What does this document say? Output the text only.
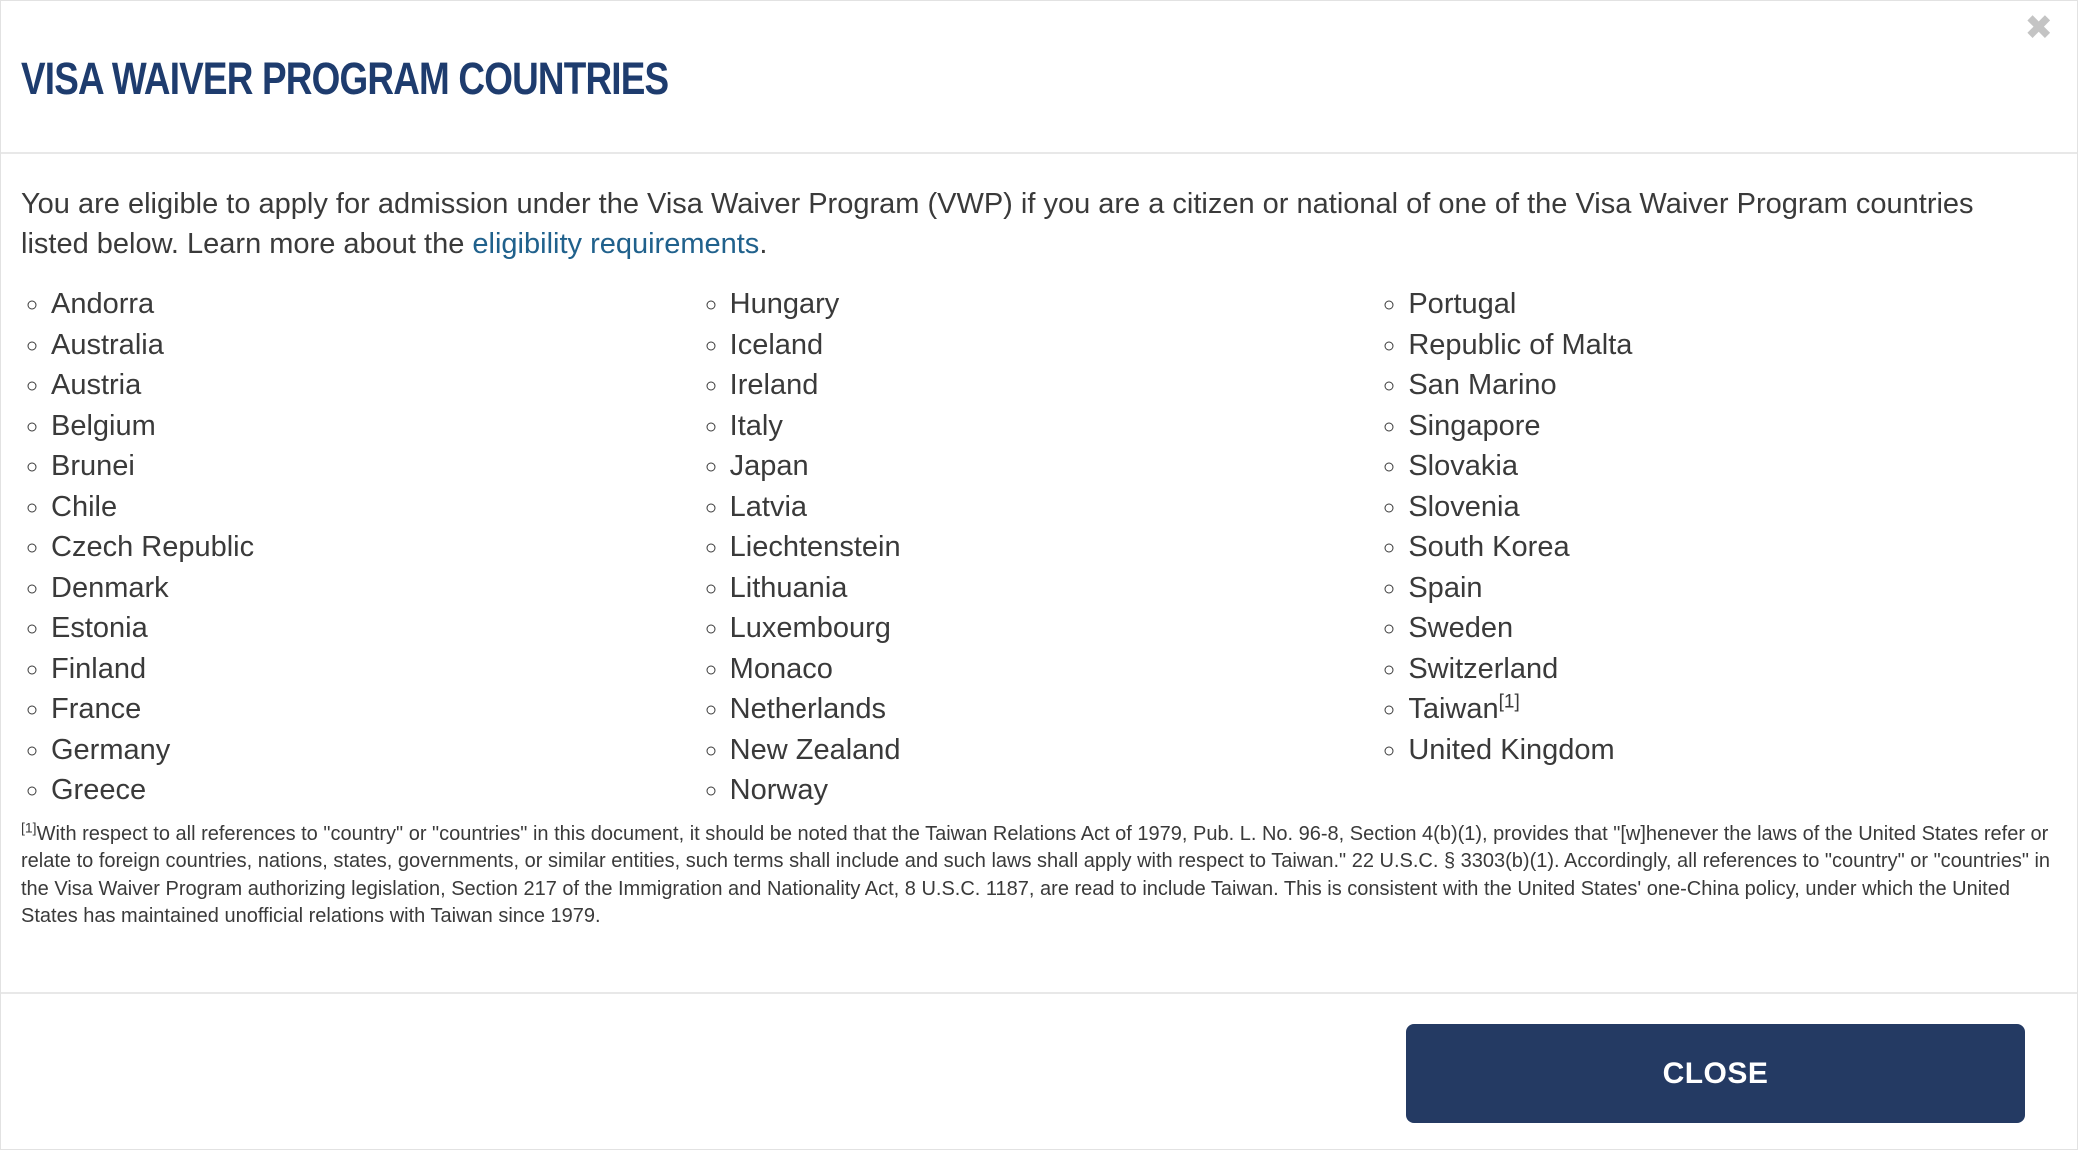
VISA WAIVER PROGRAM COUNTRIES
✖

You are eligible to apply for admission under the Visa Waiver Program (VWP) if you are a citizen or national of one of the Visa Waiver Program countries listed below. Learn more about the eligibility requirements.

◦ Andorra
◦ Australia
◦ Austria
◦ Belgium
◦ Brunei
◦ Chile
◦ Czech Republic
◦ Denmark
◦ Estonia
◦ Finland
◦ France
◦ Germany
◦ Greece
◦ Hungary
◦ Iceland
◦ Ireland
◦ Italy
◦ Japan
◦ Latvia
◦ Liechtenstein
◦ Lithuania
◦ Luxembourg
◦ Monaco
◦ Netherlands
◦ New Zealand
◦ Norway
◦ Portugal
◦ Republic of Malta
◦ San Marino
◦ Singapore
◦ Slovakia
◦ Slovenia
◦ South Korea
◦ Spain
◦ Sweden
◦ Switzerland
◦ Taiwan[1]
◦ United Kingdom

[1]With respect to all references to "country" or "countries" in this document, it should be noted that the Taiwan Relations Act of 1979, Pub. L. No. 96-8, Section 4(b)(1), provides that "[w]henever the laws of the United States refer or relate to foreign countries, nations, states, governments, or similar entities, such terms shall include and such laws shall apply with respect to Taiwan." 22 U.S.C. § 3303(b)(1). Accordingly, all references to "country" or "countries" in the Visa Waiver Program authorizing legislation, Section 217 of the Immigration and Nationality Act, 8 U.S.C. 1187, are read to include Taiwan. This is consistent with the United States' one-China policy, under which the United States has maintained unofficial relations with Taiwan since 1979.

CLOSE
